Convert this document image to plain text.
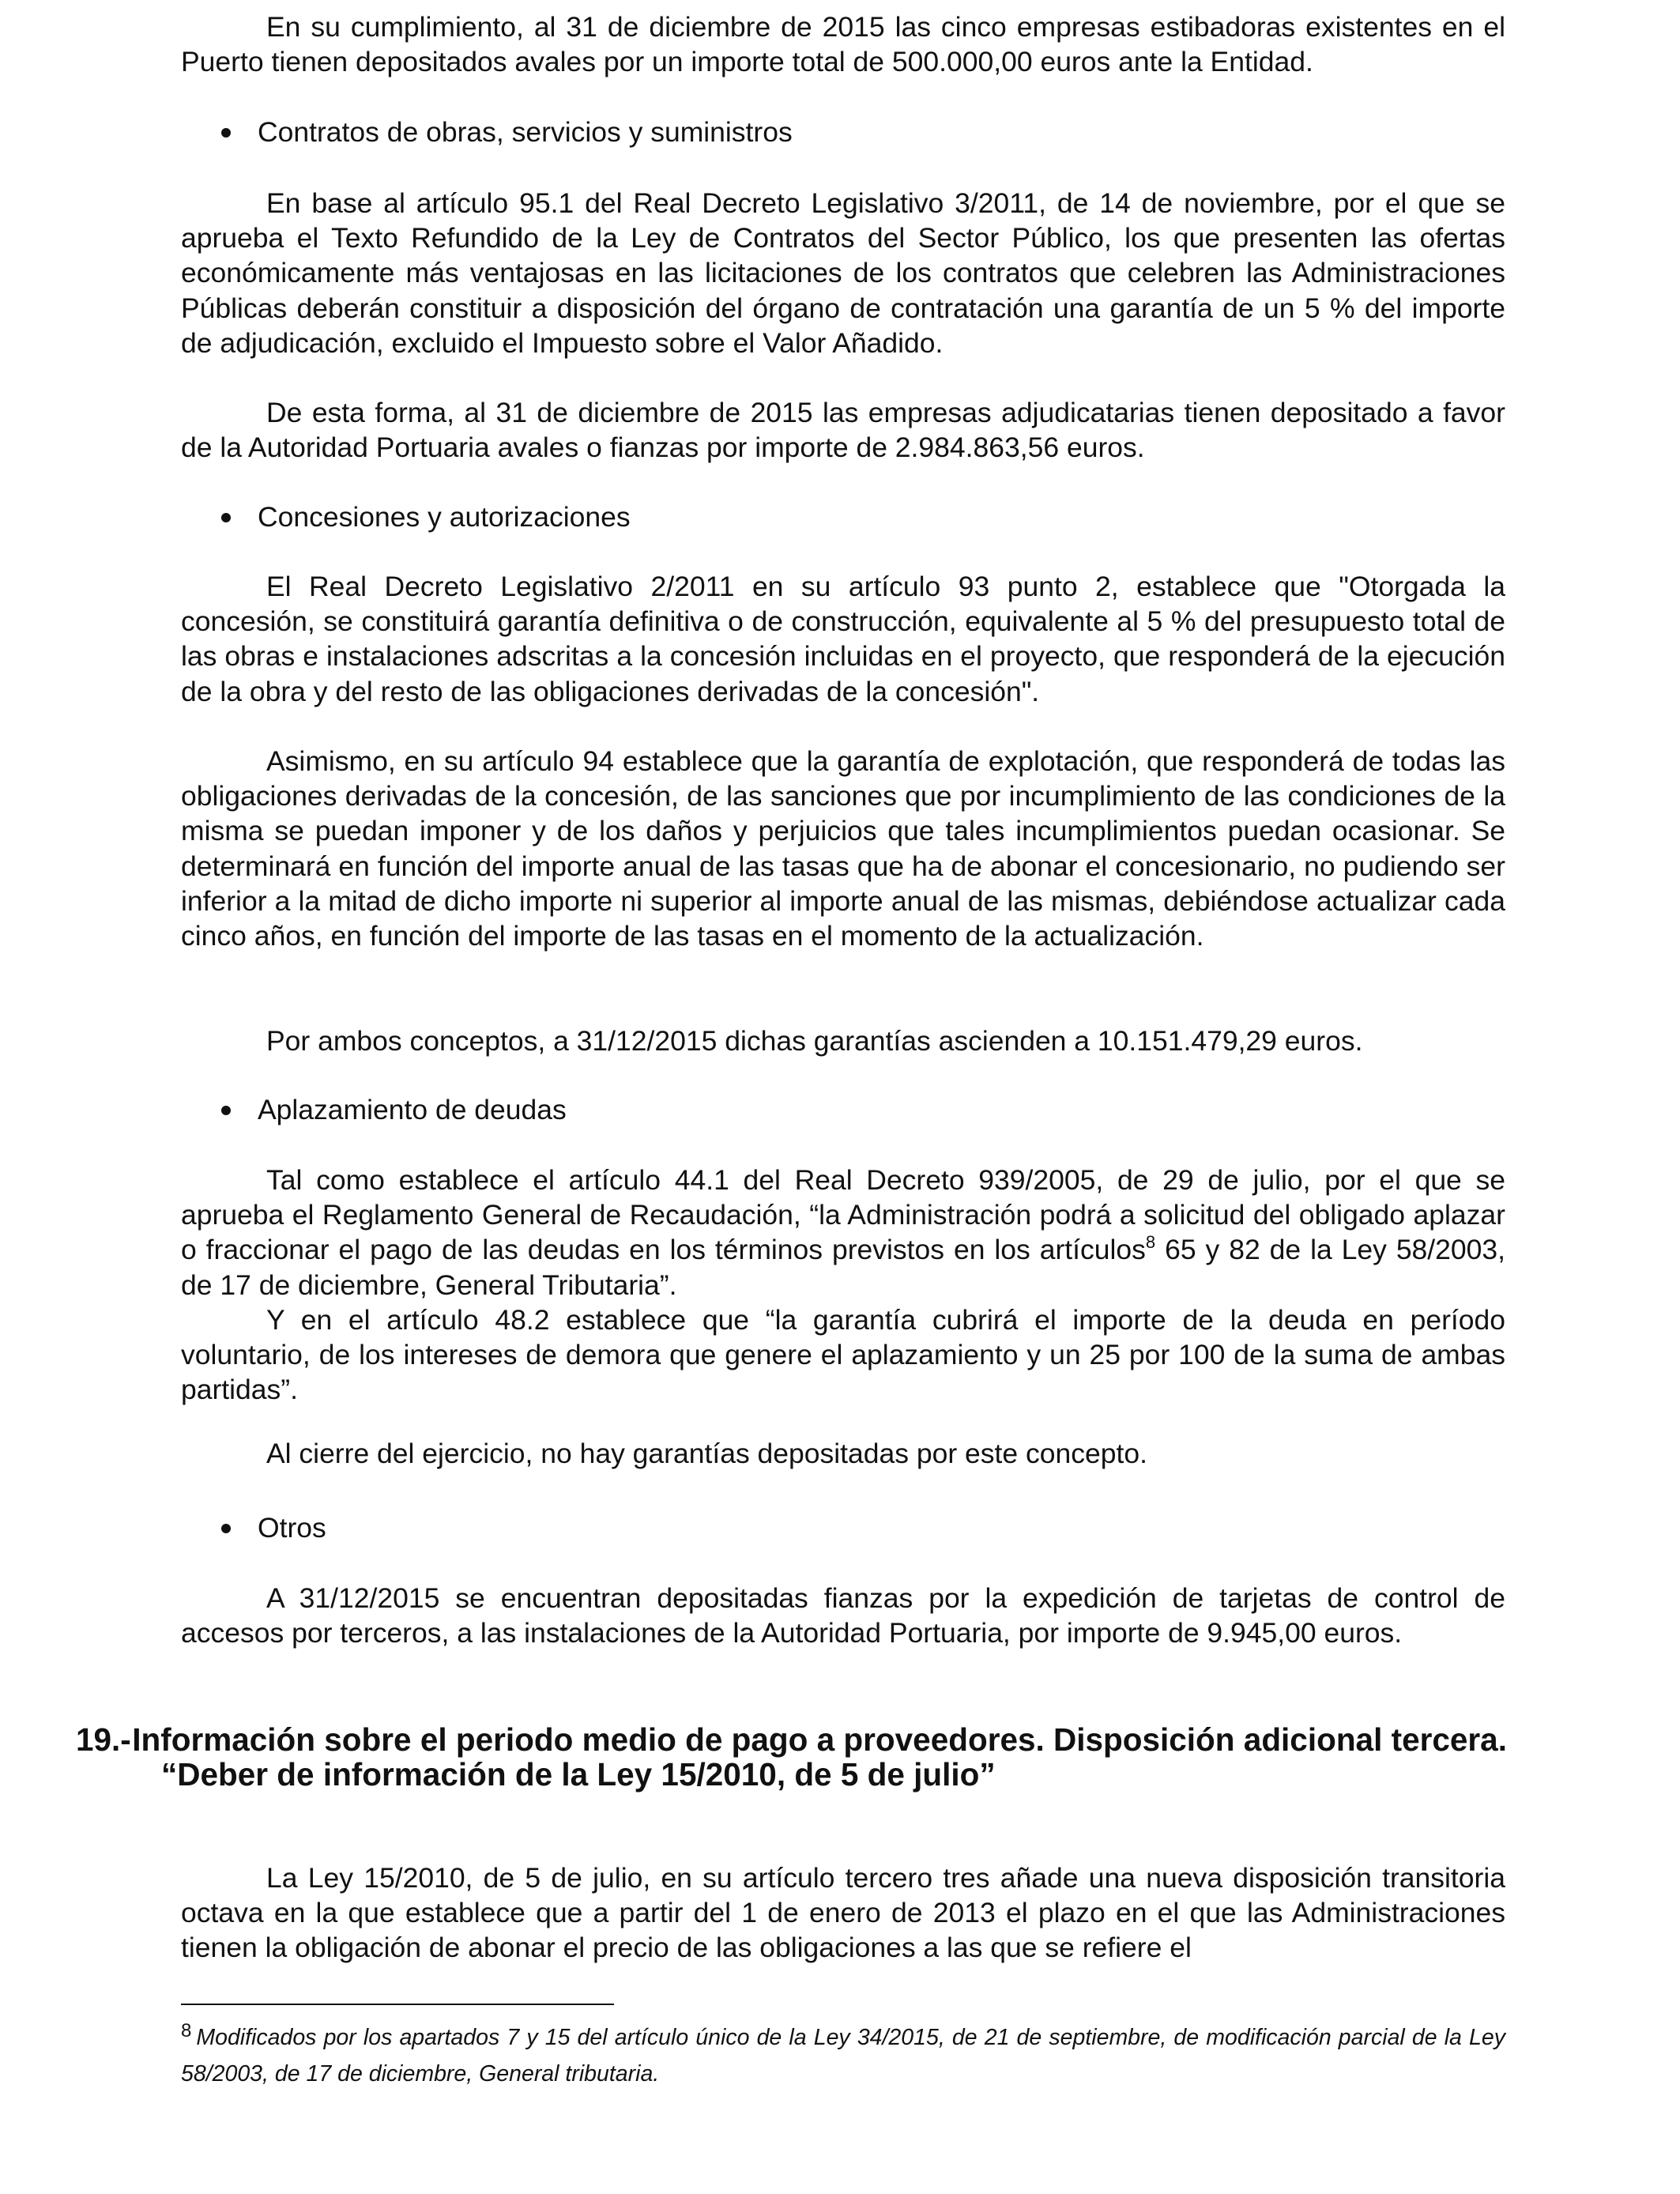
En su cumplimiento, al 31 de diciembre de 2015 las cinco empresas estibadoras existentes en el Puerto tienen depositados avales por un importe total de 500.000,00 euros ante la Entidad.

Contratos de obras, servicios y suministros

En base al artículo 95.1 del Real Decreto Legislativo 3/2011, de 14 de noviembre, por el que se aprueba el Texto Refundido de la Ley de Contratos del Sector Público, los que presenten las ofertas económicamente más ventajosas en las licitaciones de los contratos que celebren las Administraciones Públicas deberán constituir a disposición del órgano de contratación una garantía de un 5 % del importe de adjudicación, excluido el Impuesto sobre el Valor Añadido.

De esta forma, al 31 de diciembre de 2015 las empresas adjudicatarias tienen depositado a favor de la Autoridad Portuaria avales o fianzas por importe de 2.984.863,56 euros.

Concesiones y autorizaciones

El Real Decreto Legislativo 2/2011 en su artículo 93 punto 2, establece que "Otorgada la concesión, se constituirá garantía definitiva o de construcción, equivalente al 5 % del presupuesto total de las obras e instalaciones adscritas a la concesión incluidas en el proyecto, que responderá de la ejecución de la obra y del resto de las obligaciones derivadas de la concesión".

Asimismo, en su artículo 94 establece que la garantía de explotación, que responderá de todas las obligaciones derivadas de la concesión, de las sanciones que por incumplimiento de las condiciones de la misma se puedan imponer y de los daños y perjuicios que tales incumplimientos puedan ocasionar. Se determinará en función del importe anual de las tasas que ha de abonar el concesionario, no pudiendo ser inferior a la mitad de dicho importe ni superior al importe anual de las mismas, debiéndose actualizar cada cinco años, en función del importe de las tasas en el momento de la actualización.

Por ambos conceptos, a 31/12/2015 dichas garantías ascienden a 10.151.479,29 euros.

Aplazamiento de deudas

Tal como establece el artículo 44.1 del Real Decreto 939/2005, de 29 de julio, por el que se aprueba el Reglamento General de Recaudación, “la Administración podrá a solicitud del obligado aplazar o fraccionar el pago de las deudas en los términos previstos en los artículos$^8$ 65 y 82 de la Ley 58/2003, de 17 de diciembre, General Tributaria”.

Y en el artículo 48.2 establece que “la garantía cubrirá el importe de la deuda en período voluntario, de los intereses de demora que genere el aplazamiento y un 25 por 100 de la suma de ambas partidas”.

Al cierre del ejercicio, no hay garantías depositadas por este concepto.

Otros

A 31/12/2015 se encuentran depositadas fianzas por la expedición de tarjetas de control de accesos por terceros, a las instalaciones de la Autoridad Portuaria, por importe de 9.945,00 euros.

19.- Información sobre el periodo medio de pago a proveedores. Disposición adicional tercera.
“Deber de información de la Ley 15/2010, de 5 de julio”

La Ley 15/2010, de 5 de julio, en su artículo tercero tres añade una nueva disposición transitoria octava en la que establece que a partir del 1 de enero de 2013 el plazo en el que las Administraciones tienen la obligación de abonar el precio de las obligaciones a las que se refiere el

$^8$ Modificados por los apartados 7 y 15 del artículo único de la Ley 34/2015, de 21 de septiembre, de modificación parcial de la Ley 58/2003, de 17 de diciembre, General tributaria.
